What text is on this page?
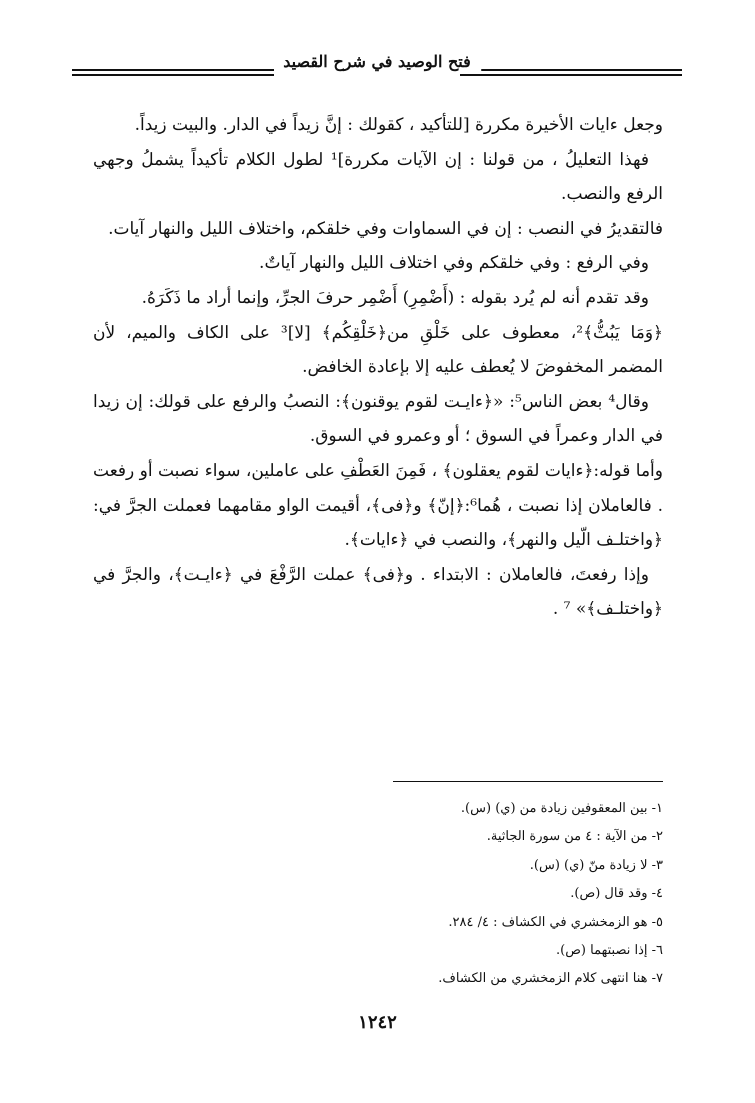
فتح الوصيد في شرح القصيد

وجعل ءايات الأخيرة مكررة [للتأكيد ، كقولك : إنَّ زيداً في الدار. والبيت زيداً.

فهذا التعليلُ ، من قولنا : إن الآيات مكررة]¹ لطول الكلام تأكيداً يشملُ وجهي الرفع والنصب.

فالتقديرُ في النصب : إن في السماوات وفي خلقكم، واختلاف الليل والنهار آيات.

وفي الرفع : وفي خلقكم وفي اختلاف الليل والنهار آياتٌ.

وقد تقدم أنه لم يُرد بقوله : (أَضْمِرِ) أَضْمِر حرفَ الجرِّ، وإنما أراد ما ذَكَرَهُ.

﴿وَمَا يَبُثُّ﴾²، معطوف على خَلْقِ من﴿خَلْقِكُم﴾ [لا]³ على الكاف والميم، لأن المضمر المخفوضَ لا يُعطف عليه إلا بإعادة الخافض.

وقال⁴ بعض الناس⁵: «﴿ءايـت لقوم يوقنون﴾: النصبُ والرفع على قولك: إن زيدا في الدار وعمراً في السوق ؛ أو وعمرو في السوق.

وأما قوله:﴿ءايات لقوم يعقلون﴾ ، فَمِنَ العَطْفِ على عاملين، سواء نصبت أو رفعت . فالعاملان إذا نصبت ، هُما⁶:﴿إنّ﴾ و﴿فى﴾، أقيمت الواو مقامهما فعملت الجرَّ في:﴿واختلـف الّيل والنهر﴾، والنصب في ﴿ءايات﴾.

وإذا رفعتَ، فالعاملان : الابتداء . و﴿فى﴾ عملت الرَّفْعَ في ﴿ءايـت﴾، والجرَّ في ﴿واختلـف﴾» ⁷ .

١- بين المعقوفين زيادة من (ي) (س).
٢- من الآية : ٤ من سورة الجاثية.
٣- لا زيادة منّ (ي) (س).
٤- وقد قال (ص).
٥- هو الزمخشري في الكشاف : ٤/ ٢٨٤.
٦- إذا نصبتهما (ص).
٧- هنا انتهى كلام الزمخشري من الكشاف.
١٢٤٢
